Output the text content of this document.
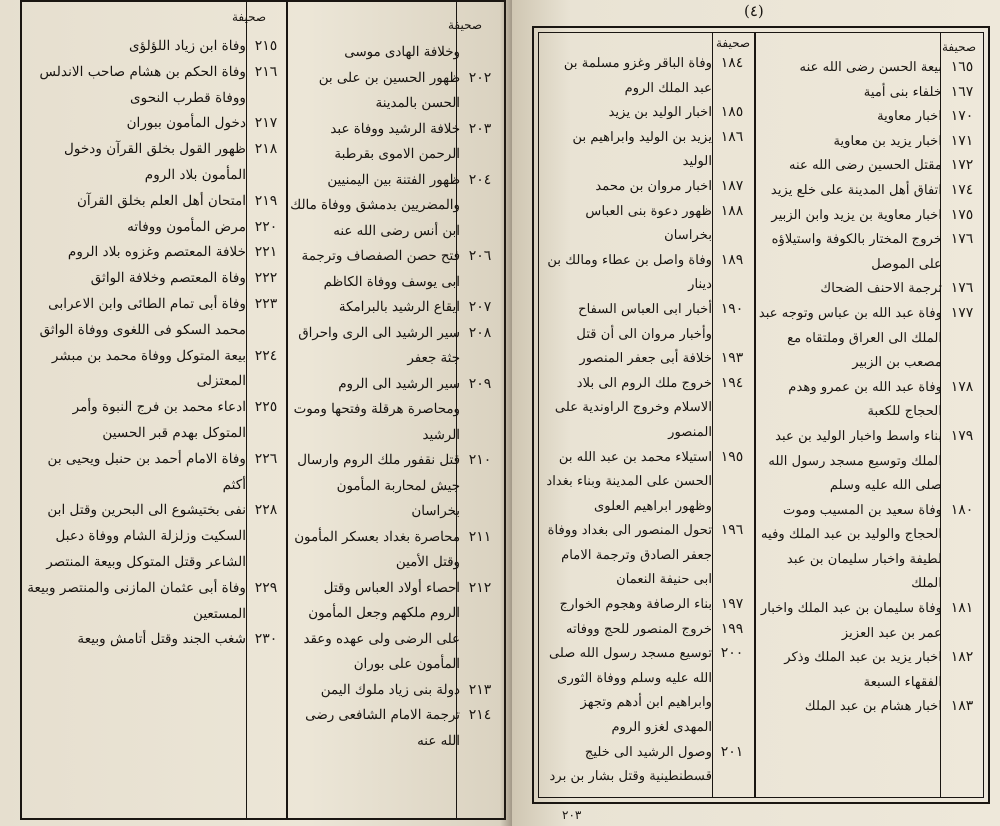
صحيفة
صحيفة
٢١٥
وفاة ابن زياد اللؤلؤى
٢١٦
وفاة الحكم بن هشام صاحب الاندلس ووفاة قطرب النحوى
٢١٧
دخول المأمون ببوران
٢١٨
ظهور القول بخلق القرآن ودخول المأمون بلاد الروم
٢١٩
امتحان أهل العلم بخلق القرآن
٢٢٠
مرض المأمون ووفاته
٢٢١
خلافة المعتصم وغزوه بلاد الروم
٢٢٢
وفاة المعتصم وخلافة الواثق
٢٢٣
وفاة أبى تمام الطائى وابن الاعرابى محمد السكو فى اللغوى ووفاة الواثق
٢٢٤
بيعة المتوكل ووفاة محمد بن مبشر المعتزلى
٢٢٥
ادعاء محمد بن فرج النبوة وأمر المتوكل بهدم قبر الحسين
٢٢٦
وفاة الامام أحمد بن حنبل ويحيى بن أكثم
٢٢٨
نفى بختيشوع الى البحرين وقتل ابن السكيت وزلزلة الشام ووفاة دعبل الشاعر وقتل المتوكل وبيعة المنتصر
٢٢٩
وفاة أبى عثمان المازنى والمنتصر وبيعة المستعين
٢٣٠
شغب الجند وقتل أتامش وبيعة
وخلافة الهادى موسى
٢٠٢
ظهور الحسين بن على بن الحسن بالمدينة
٢٠٣
خلافة الرشيد ووفاة عبد الرحمن الاموى بقرطبة
٢٠٤
ظهور الفتنة بين اليمنيين والمضريين بدمشق ووفاة مالك ابن أنس رضى الله عنه
٢٠٦
فتح حصن الصفصاف وترجمة ابى يوسف ووفاة الكاظم
٢٠٧
ايقاع الرشيد بالبرامكة
٢٠٨
سير الرشيد الى الرى واحراق جثة جعفر
٢٠٩
سير الرشيد الى الروم ومحاصرة هرقلة وفتحها وموت الرشيد
٢١٠
قتل نقفور ملك الروم وارسال جيش لمحاربة المأمون بخراسان
٢١١
محاصرة بغداد بعسكر المأمون وقتل الأمين
٢١٢
احصاء أولاد العباس وقتل الروم ملكهم وجعل المأمون على الرضى ولى عهده وعقد المأمون على بوران
٢١٣
دولة بنى زياد ملوك اليمن
٢١٤
ترجمة الامام الشافعى رضى الله عنه
(٤)
صحيفة	صحيفة
١٨٤
وفاة الباقر وغزو مسلمة بن عبد الملك الروم
١٨٥
اخبار الوليد بن يزيد
١٨٦
يزيد بن الوليد وابراهيم بن الوليد
١٨٧
اخبار مروان بن محمد
١٨٨
ظهور دعوة بنى العباس بخراسان
١٨٩
وفاة واصل بن عطاء ومالك بن دينار
١٩٠
أخبار ابى العباس السفاح وأخبار مروان الى أن قتل
١٩٣
خلافة أبى جعفر المنصور
١٩٤
خروج ملك الروم الى بلاد الاسلام وخروج الراوندية على المنصور
١٩٥
استيلاء محمد بن عبد الله بن الحسن على المدينة وبناء بغداد وظهور ابراهيم العلوى
١٩٦
تحول المنصور الى بغداد ووفاة جعفر الصادق وترجمة الامام ابى حنيفة النعمان
١٩٧
بناء الرصافة وهجوم الخوارج
١٩٩
خروج المنصور للحج ووفاته
٢٠٠
توسيع مسجد رسول الله صلى الله عليه وسلم ووفاة الثورى وابراهيم ابن أدهم وتجهز المهدى لغزو الروم
٢٠١
وصول الرشيد الى خليج قسطنطينية وقتل بشار بن برد
١٦٥
بيعة الحسن رضى الله عنه
١٦٧
خلفاء بنى أمية
١٧٠
اخبار معاوية
١٧١
اخبار يزيد بن معاوية
١٧٢
مقتل الحسين رضى الله عنه
١٧٤
اتفاق أهل المدينة على خلع يزيد
١٧٥
اخبار معاوية بن يزيد وابن الزبير
١٧٦
خروج المختار بالكوفة واستيلاؤه على الموصل
١٧٦
ترجمة الاحنف الضحاك
١٧٧
وفاة عبد الله بن عباس وتوجه عبد الملك الى العراق وملتقاه مع مصعب بن الزبير
١٧٨
وفاة عبد الله بن عمرو وهدم الحجاج للكعبة
١٧٩
بناء واسط واخبار الوليد بن عبد الملك وتوسيع مسجد رسول الله صلى الله عليه وسلم
١٨٠
وفاة سعيد بن المسيب وموت الحجاج والوليد بن عبد الملك وفيه لطيفة واخبار سليمان بن عبد الملك
١٨١
وفاة سليمان بن عبد الملك واخبار عمر بن عبد العزيز
١٨٢
اخبار يزيد بن عبد الملك وذكر الفقهاء السبعة
١٨٣
اخبار هشام بن عبد الملك
٢٠٣
